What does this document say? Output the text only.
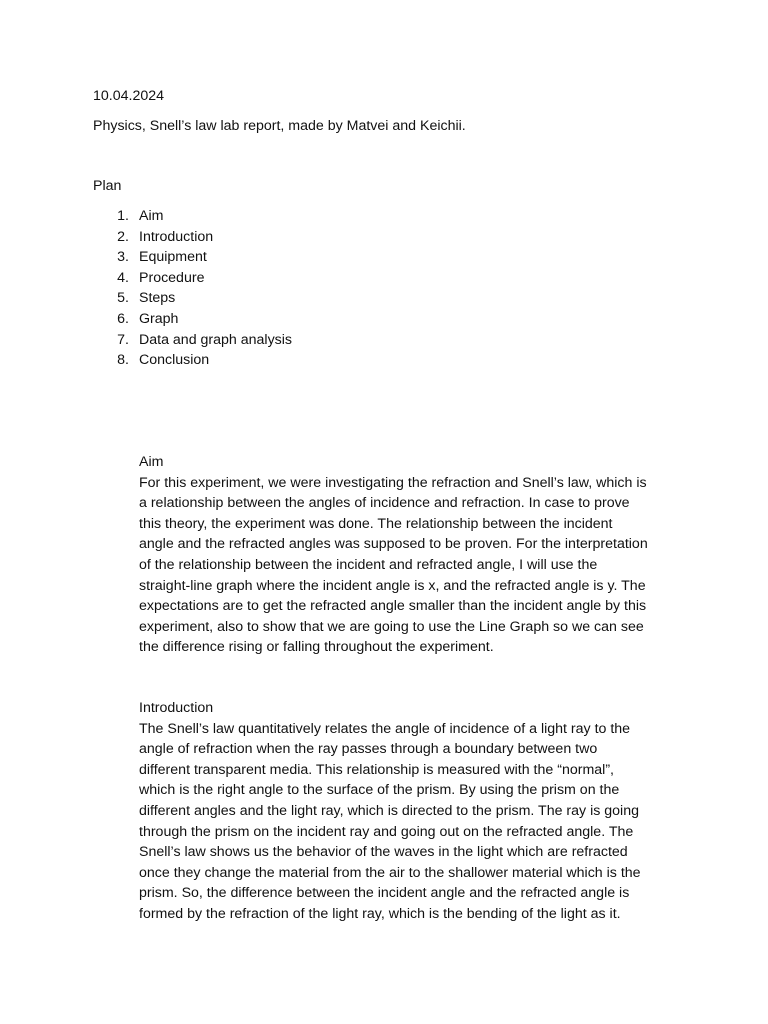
10.04.2024
Physics, Snell’s law lab report, made by Matvei and Keichii.
Plan
1. Aim
2. Introduction
3. Equipment
4. Procedure
5. Steps
6. Graph
7. Data and graph analysis
8. Conclusion
Aim
For this experiment, we were investigating the refraction and Snell’s law, which is
a relationship between the angles of incidence and refraction. In case to prove
this theory, the experiment was done. The relationship between the incident
angle and the refracted angles was supposed to be proven. For the interpretation
of the relationship between the incident and refracted angle, I will use the
straight-line graph where the incident angle is x, and the refracted angle is y. The
expectations are to get the refracted angle smaller than the incident angle by this
experiment, also to show that we are going to use the Line Graph so we can see
the difference rising or falling throughout the experiment.
Introduction
The Snell’s law quantitatively relates the angle of incidence of a light ray to the
angle of refraction when the ray passes through a boundary between two
different transparent media. This relationship is measured with the “normal”,
which is the right angle to the surface of the prism. By using the prism on the
different angles and the light ray, which is directed to the prism. The ray is going
through the prism on the incident ray and going out on the refracted angle. The
Snell’s law shows us the behavior of the waves in the light which are refracted
once they change the material from the air to the shallower material which is the
prism. So, the difference between the incident angle and the refracted angle is
formed by the refraction of the light ray, which is the bending of the light as it.
